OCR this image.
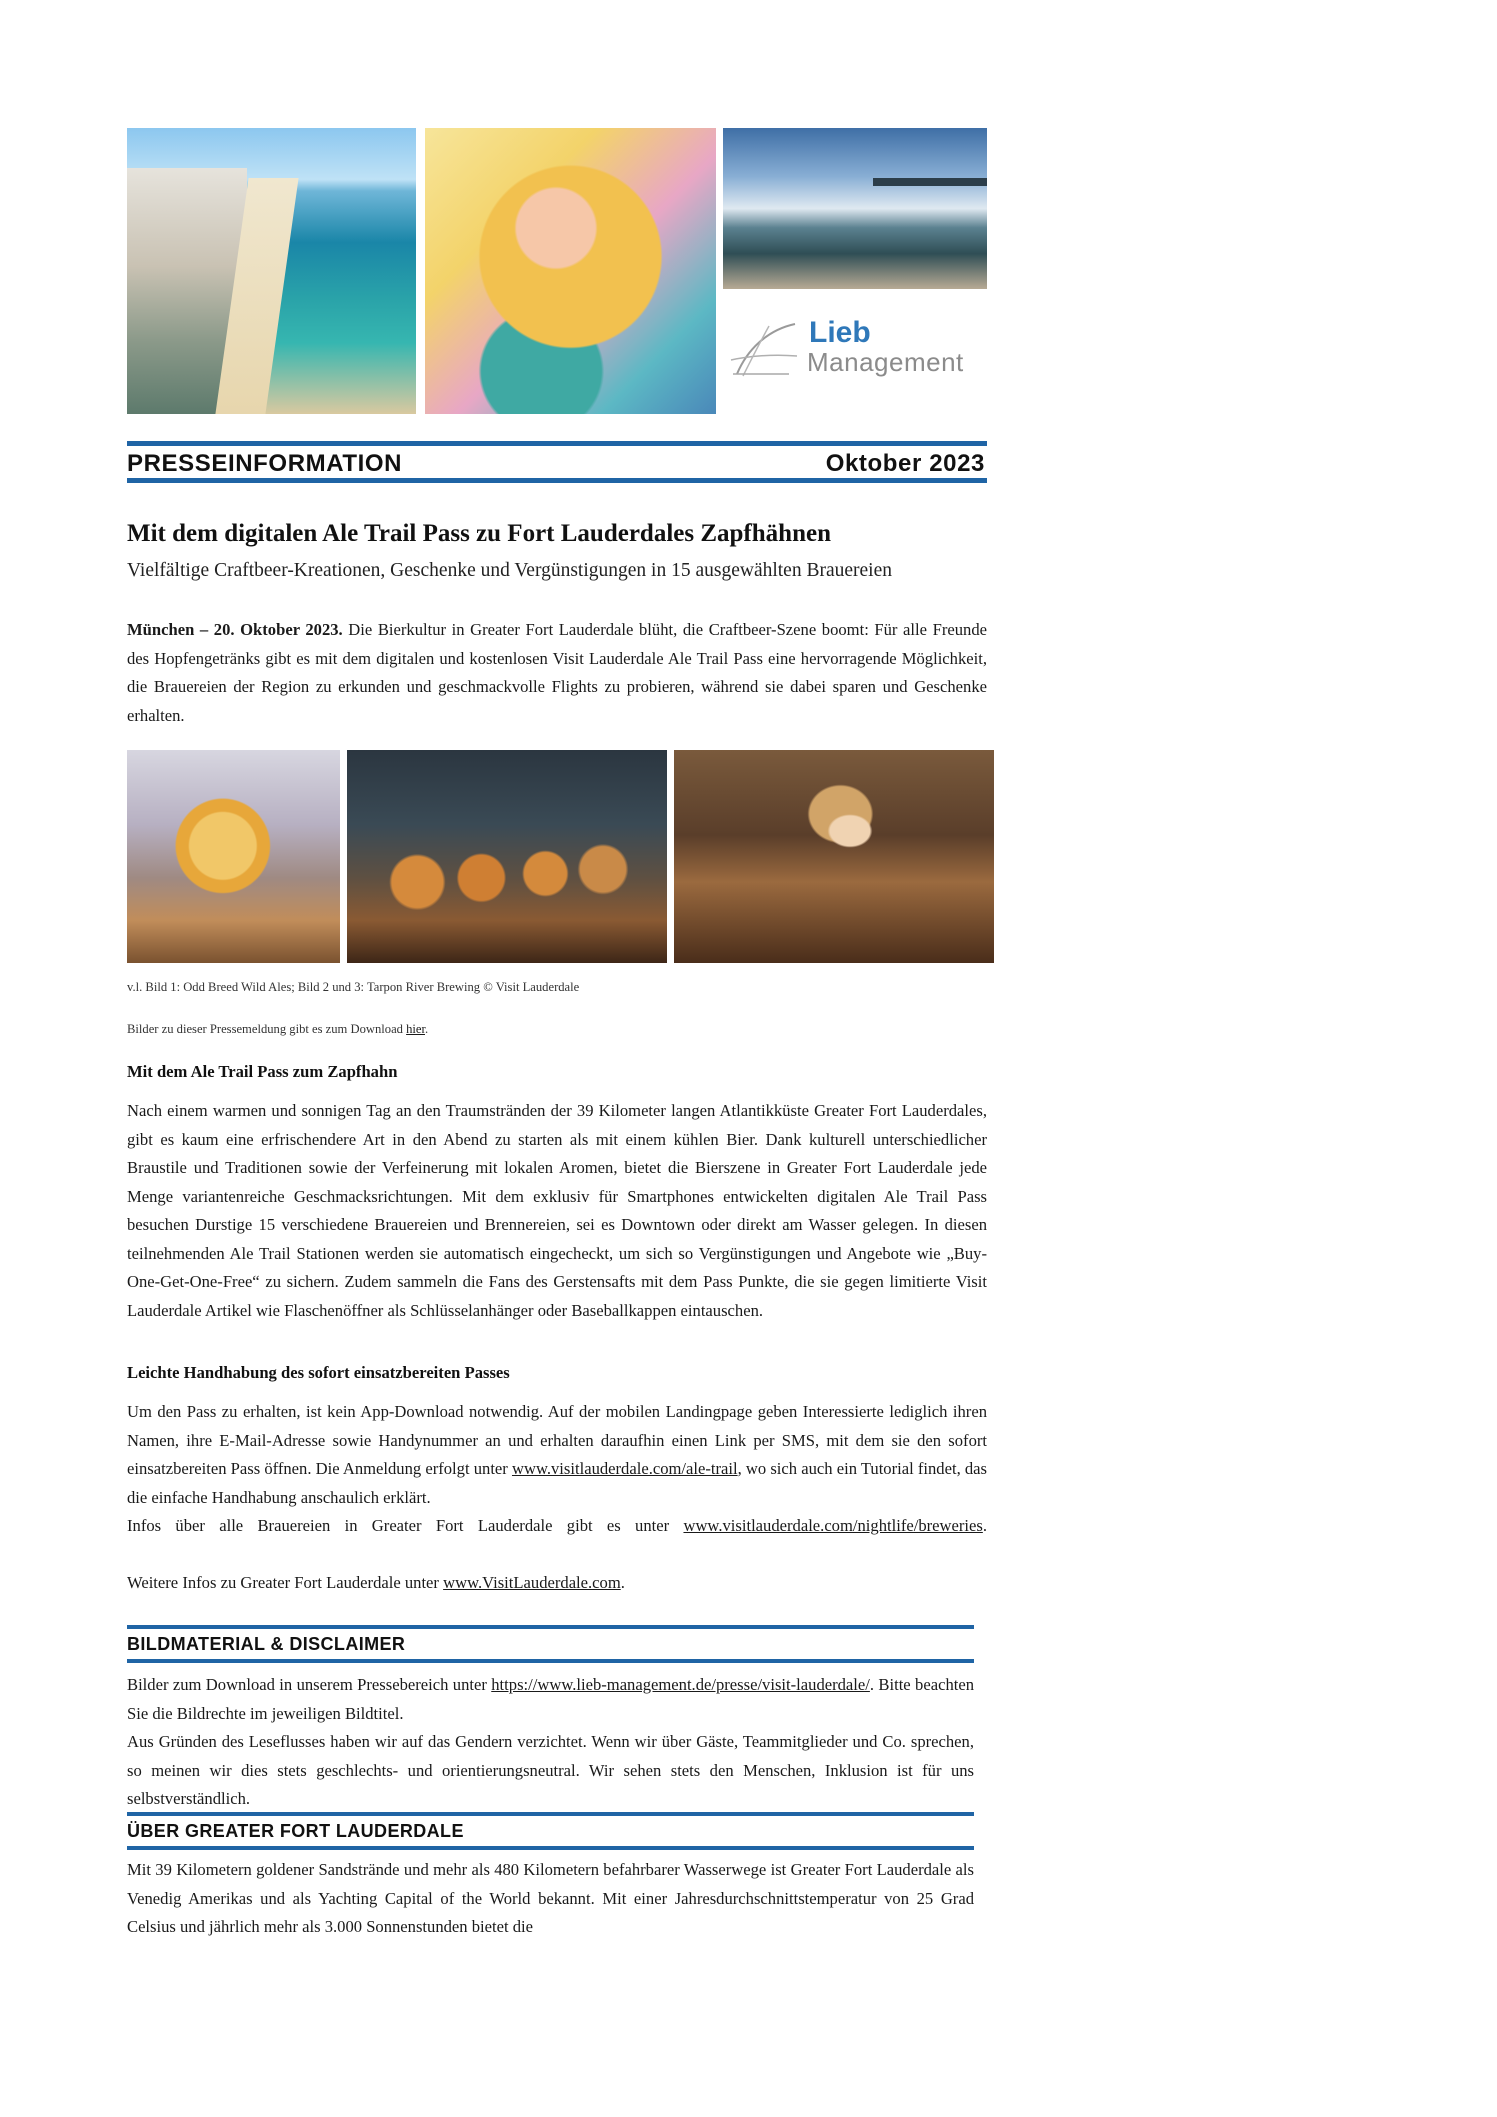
Lieb
Management
PRESSEINFORMATION	Oktober 2023
Mit dem digitalen Ale Trail Pass zu Fort Lauderdales Zapfhähnen
Vielfältige Craftbeer-Kreationen, Geschenke und Vergünstigungen in 15 ausgewählten Brauereien
München – 20. Oktober 2023. Die Bierkultur in Greater Fort Lauderdale blüht, die Craftbeer-Szene boomt: Für alle Freunde des Hopfengetränks gibt es mit dem digitalen und kostenlosen Visit Lauderdale Ale Trail Pass eine hervorragende Möglichkeit, die Brauereien der Region zu erkunden und geschmackvolle Flights zu probieren, während sie dabei sparen und Geschenke erhalten.
v.l. Bild 1: Odd Breed Wild Ales; Bild 2 und 3: Tarpon River Brewing © Visit Lauderdale
Bilder zu dieser Pressemeldung gibt es zum Download hier.
Mit dem Ale Trail Pass zum Zapfhahn
Nach einem warmen und sonnigen Tag an den Traumstränden der 39 Kilometer langen Atlantikküste Greater Fort Lauderdales, gibt es kaum eine erfrischendere Art in den Abend zu starten als mit einem kühlen Bier. Dank kulturell unterschiedlicher Braustile und Traditionen sowie der Verfeinerung mit lokalen Aromen, bietet die Bierszene in Greater Fort Lauderdale jede Menge variantenreiche Geschmacksrichtungen. Mit dem exklusiv für Smartphones entwickelten digitalen Ale Trail Pass besuchen Durstige 15 verschiedene Brauereien und Brennereien, sei es Downtown oder direkt am Wasser gelegen. In diesen teilnehmenden Ale Trail Stationen werden sie automatisch eingecheckt, um sich so Vergünstigungen und Angebote wie „Buy-One-Get-One-Free“ zu sichern. Zudem sammeln die Fans des Gerstensafts mit dem Pass Punkte, die sie gegen limitierte Visit Lauderdale Artikel wie Flaschenöffner als Schlüsselanhänger oder Baseballkappen eintauschen.
Leichte Handhabung des sofort einsatzbereiten Passes
Um den Pass zu erhalten, ist kein App-Download notwendig. Auf der mobilen Landingpage geben Interessierte lediglich ihren Namen, ihre E-Mail-Adresse sowie Handynummer an und erhalten daraufhin einen Link per SMS, mit dem sie den sofort einsatzbereiten Pass öffnen. Die Anmeldung erfolgt unter www.visitlauderdale.com/ale-trail, wo sich auch ein Tutorial findet, das die einfache Handhabung anschaulich erklärt.
Infos über alle Brauereien in Greater Fort Lauderdale gibt es unter www.visitlauderdale.com/nightlife/breweries.
Weitere Infos zu Greater Fort Lauderdale unter www.VisitLauderdale.com.
BILDMATERIAL & DISCLAIMER
Bilder zum Download in unserem Pressebereich unter https://www.lieb-management.de/presse/visit-lauderdale/. Bitte beachten Sie die Bildrechte im jeweiligen Bildtitel.
Aus Gründen des Leseflusses haben wir auf das Gendern verzichtet. Wenn wir über Gäste, Teammitglieder und Co. sprechen, so meinen wir dies stets geschlechts- und orientierungsneutral. Wir sehen stets den Menschen, Inklusion ist für uns selbstverständlich.
ÜBER GREATER FORT LAUDERDALE
Mit 39 Kilometern goldener Sandstrände und mehr als 480 Kilometern befahrbarer Wasserwege ist Greater Fort Lauderdale als Venedig Amerikas und als Yachting Capital of the World bekannt. Mit einer Jahresdurchschnittstemperatur von 25 Grad Celsius und jährlich mehr als 3.000 Sonnenstunden bietet die
